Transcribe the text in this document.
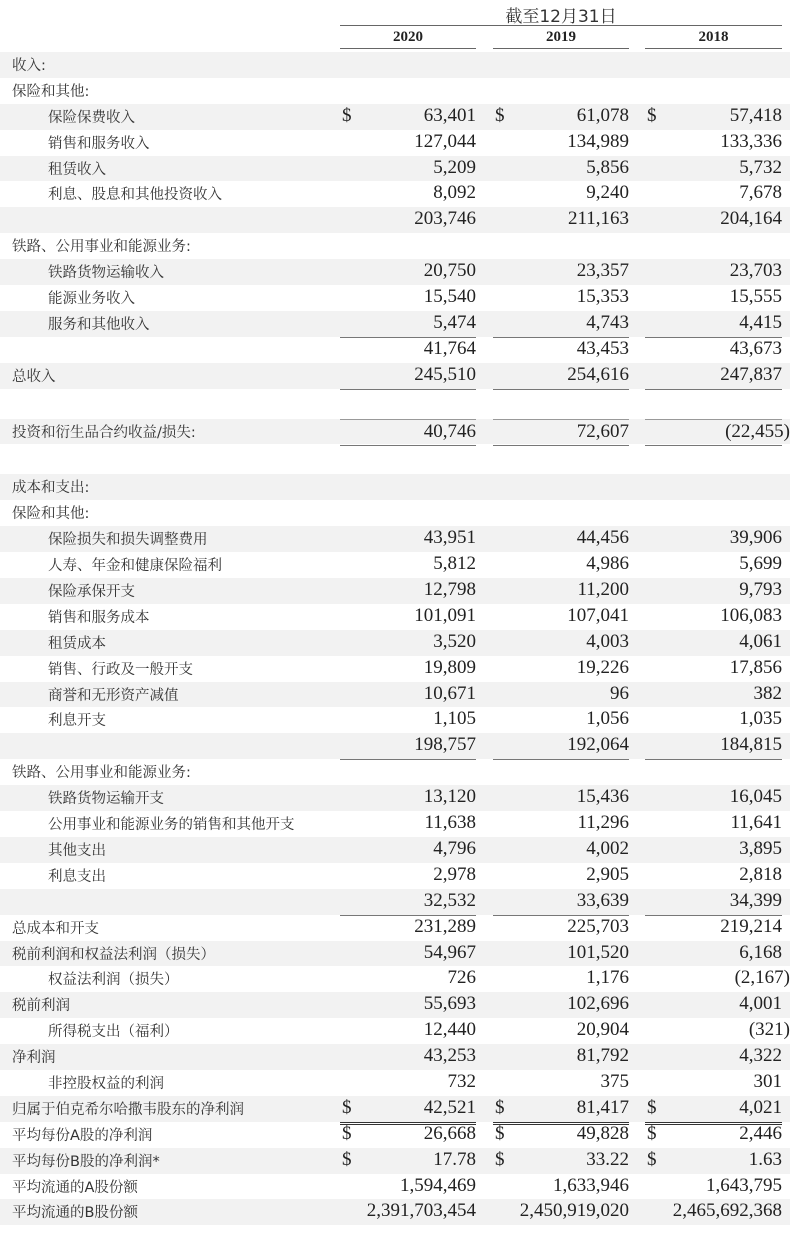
截至12月31日
2020	2019	2018
收入:
保险和其他:
保险保费收入	$	63,401 $	61,078 $	57,418
销售和服务收入	127,044	134,989	133,336
租赁收入	5,209	5,856	5,732
利息、股息和其他投资收入	8,092	9,240	7,678
203,746	211,163	204,164
铁路、公用事业和能源业务:
铁路货物运输收入	20,750	23,357	23,703
能源业务收入	15,540	15,353	15,555
服务和其他收入	5,474	4,743	4,415
41,764	43,453	43,673
总收入	245,510	254,616	247,837
投资和衍生品合约收益/损失:	40,746	72,607	(22,455)
成本和支出:
保险和其他:
保险损失和损失调整费用	43,951	44,456	39,906
人寿、年金和健康保险福利	5,812	4,986	5,699
保险承保开支	12,798	11,200	9,793
销售和服务成本	101,091	107,041	106,083
租赁成本	3,520	4,003	4,061
销售、行政及一般开支	19,809	19,226	17,856
商誉和无形资产减值	10,671	96	382
利息开支	1,105	1,056	1,035
198,757	192,064	184,815
铁路、公用事业和能源业务:
铁路货物运输开支	13,120	15,436	16,045
公用事业和能源业务的销售和其他开支	11,638	11,296	11,641
其他支出	4,796	4,002	3,895
利息支出	2,978	2,905	2,818
32,532	33,639	34,399
总成本和开支	231,289	225,703	219,214
税前利润和权益法利润（损失）	54,967	101,520	6,168
权益法利润（损失）	726	1,176	(2,167)
税前利润	55,693	102,696	4,001
所得税支出（福利）	12,440	20,904	(321)
净利润	43,253	81,792	4,322
非控股权益的利润	732	375	301
归属于伯克希尔哈撒韦股东的净利润	$	42,521 $	81,417 $	4,021
平均每份A股的净利润	$	26,668 $	49,828 $	2,446
平均每份B股的净利润*	$	17.78 $	33.22 $	1.63
平均流通的A股份额	1,594,469	1,633,946	1,643,795
平均流通的B股份额	2,391,703,454 2,450,919,020 2,465,692,368
